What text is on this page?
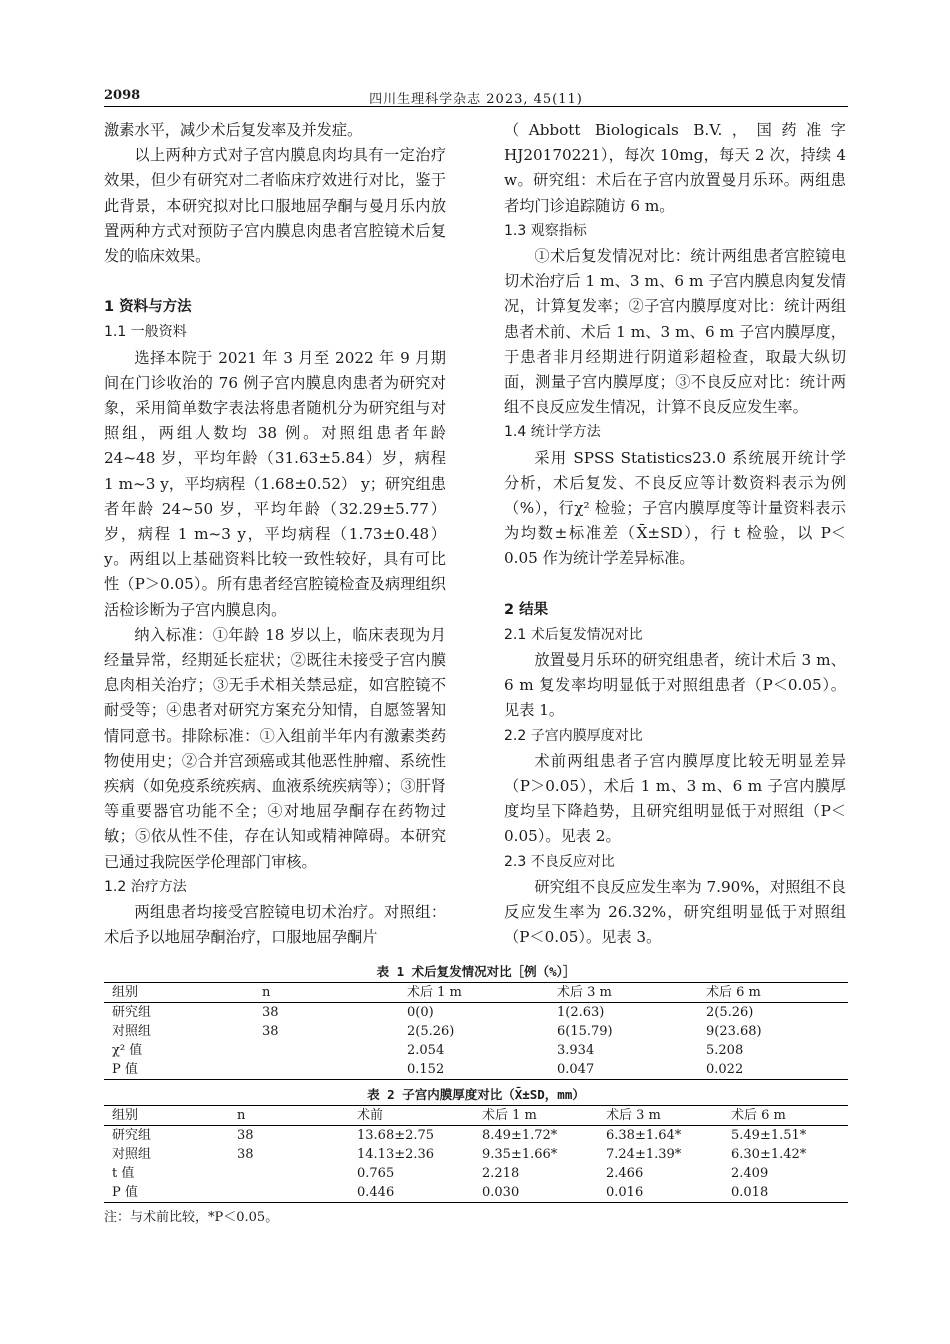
2098	四川生理科学杂志 2023, 45(11)

激素水平，减少术后复发率及并发症。

以上两种方式对子宫内膜息肉均具有一定治疗效果，但少有研究对二者临床疗效进行对比，鉴于此背景，本研究拟对比口服地屈孕酮与曼月乐内放置两种方式对预防子宫内膜息肉患者宫腔镜术后复发的临床效果。

1 资料与方法

1.1 一般资料

选择本院于 2021 年 3 月至 2022 年 9 月期间在门诊收治的 76 例子宫内膜息肉患者为研究对象，采用简单数字表法将患者随机分为研究组与对照组，两组人数均 38 例。对照组患者年龄 24~48 岁，平均年龄（31.63±5.84）岁，病程 1 m~3 y，平均病程（1.68±0.52） y；研究组患者年龄 24~50 岁，平均年龄（32.29±5.77）岁，病程 1 m~3 y，平均病程（1.73±0.48） y。两组以上基础资料比较一致性较好，具有可比性（P＞0.05）。所有患者经宫腔镜检查及病理组织活检诊断为子宫内膜息肉。

纳入标准：①年龄 18 岁以上，临床表现为月经量异常，经期延长症状；②既往未接受子宫内膜息肉相关治疗；③无手术相关禁忌症，如宫腔镜不耐受等；④患者对研究方案充分知情，自愿签署知情同意书。排除标准：①入组前半年内有激素类药物使用史；②合并宫颈癌或其他恶性肿瘤、系统性疾病（如免疫系统疾病、血液系统疾病等）；③肝肾等重要器官功能不全；④对地屈孕酮存在药物过敏；⑤依从性不佳，存在认知或精神障碍。本研究已通过我院医学伦理部门审核。

1.2 治疗方法

两组患者均接受宫腔镜电切术治疗。对照组：术后予以地屈孕酮治疗，口服地屈孕酮片

（Abbott Biologicals B.V.，国药准字 HJ20170221），每次 10mg，每天 2 次，持续 4 w。研究组：术后在子宫内放置曼月乐环。两组患者均门诊追踪随访 6 m。

1.3 观察指标

①术后复发情况对比：统计两组患者宫腔镜电切术治疗后 1 m、3 m、6 m 子宫内膜息肉复发情况，计算复发率；②子宫内膜厚度对比：统计两组患者术前、术后 1 m、3 m、6 m 子宫内膜厚度，于患者非月经期进行阴道彩超检查，取最大纵切面，测量子宫内膜厚度；③不良反应对比：统计两组不良反应发生情况，计算不良反应发生率。

1.4 统计学方法

采用 SPSS Statistics23.0 系统展开统计学分析，术后复发、不良反应等计数资料表示为例（%），行χ² 检验；子宫内膜厚度等计量资料表示为均数±标准差（X̄±SD），行 t 检验，以 P＜0.05 作为统计学差异标准。

2 结果

2.1 术后复发情况对比

放置曼月乐环的研究组患者，统计术后 3 m、6 m 复发率均明显低于对照组患者（P＜0.05）。见表 1。

2.2 子宫内膜厚度对比

术前两组患者子宫内膜厚度比较无明显差异（P＞0.05），术后 1 m、3 m、6 m 子宫内膜厚度均呈下降趋势，且研究组明显低于对照组（P＜0.05）。见表 2。

2.3 不良反应对比

研究组不良反应发生率为 7.90%，对照组不良反应发生率为 26.32%，研究组明显低于对照组（P＜0.05）。见表 3。

表 1 术后复发情况对比［例（%）］
组别	n	术后 1 m	术后 3 m	术后 6 m
研究组	38	0(0)	1(2.63)	2(5.26)
对照组	38	2(5.26)	6(15.79)	9(23.68)
χ² 值		2.054	3.934	5.208
P 值		0.152	0.047	0.022
表 2 子宫内膜厚度对比（X̄±SD，mm）
组别	n	术前	术后 1 m	术后 3 m	术后 6 m
研究组	38	13.68±2.75	8.49±1.72*	6.38±1.64*	5.49±1.51*
对照组	38	14.13±2.36	9.35±1.66*	7.24±1.39*	6.30±1.42*
t 值		0.765	2.218	2.466	2.409
P 值		0.446	0.030	0.016	0.018
注：与术前比较，*P＜0.05。
